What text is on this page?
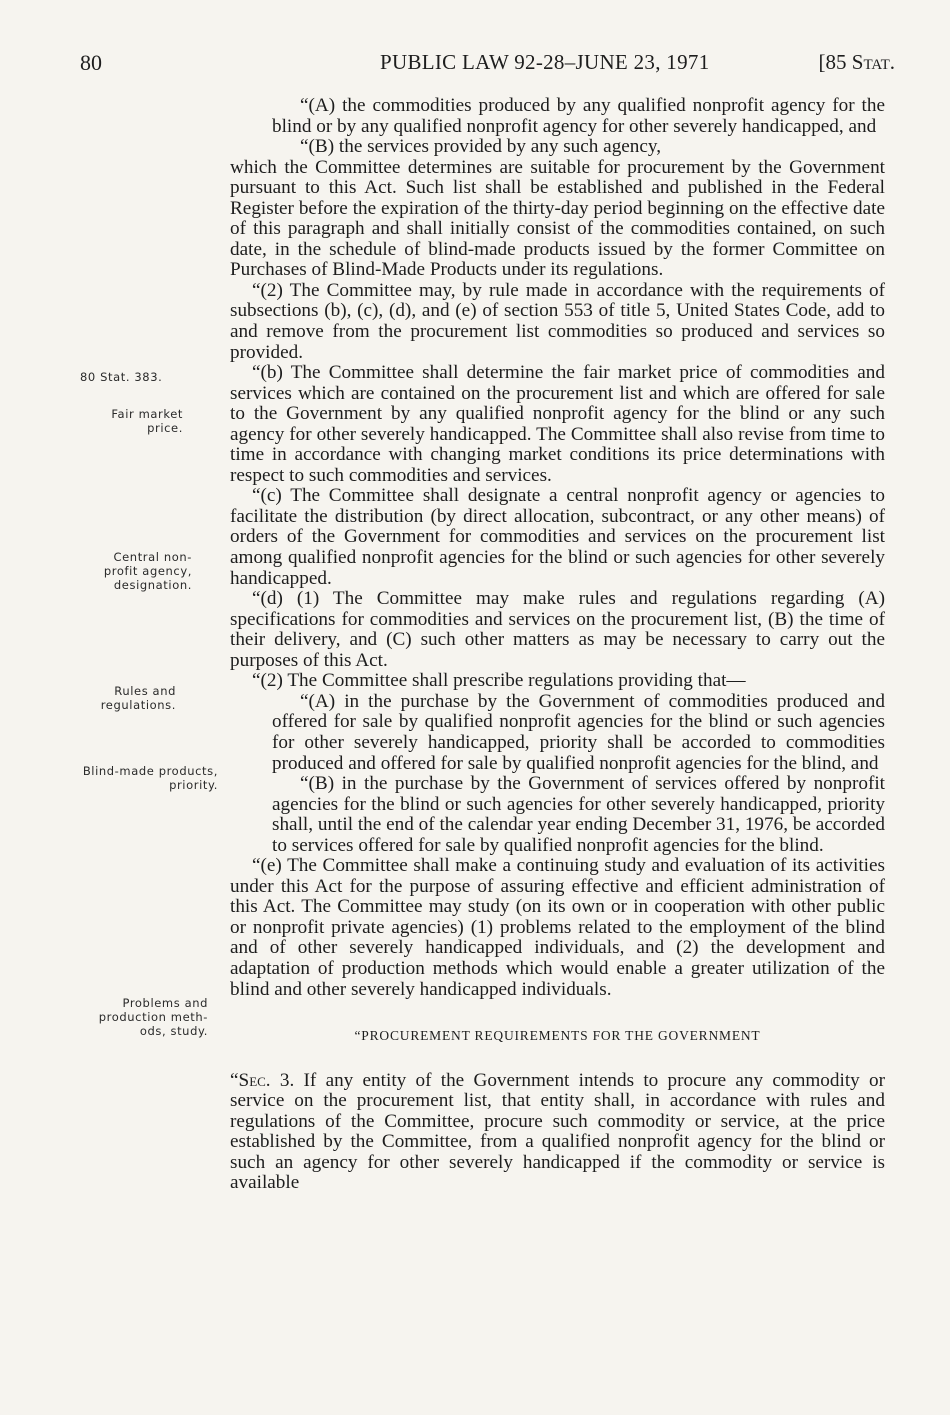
80	PUBLIC LAW 92-28–JUNE 23, 1971	[85 Stat.
80 Stat. 383.
Fair market price.
Central non-profit agency, designation.
Rules and regulations.
Blind-made products, priority.
Problems and production meth-ods, study.

“(A) the commodities produced by any qualified nonprofit agency for the blind or by any qualified nonprofit agency for other severely handicapped, and

“(B) the services provided by any such agency,

which the Committee determines are suitable for procurement by the Government pursuant to this Act. Such list shall be established and published in the Federal Register before the expiration of the thirty-day period beginning on the effective date of this paragraph and shall initially consist of the commodities contained, on such date, in the schedule of blind-made products issued by the former Committee on Purchases of Blind-Made Products under its regulations.

“(2) The Committee may, by rule made in accordance with the requirements of subsections (b), (c), (d), and (e) of section 553 of title 5, United States Code, add to and remove from the procurement list commodities so produced and services so provided.

“(b) The Committee shall determine the fair market price of commodities and services which are contained on the procurement list and which are offered for sale to the Government by any qualified nonprofit agency for the blind or any such agency for other severely handicapped. The Committee shall also revise from time to time in accordance with changing market conditions its price determinations with respect to such commodities and services.

“(c) The Committee shall designate a central nonprofit agency or agencies to facilitate the distribution (by direct allocation, subcontract, or any other means) of orders of the Government for commodities and services on the procurement list among qualified nonprofit agencies for the blind or such agencies for other severely handicapped.

“(d) (1) The Committee may make rules and regulations regarding (A) specifications for commodities and services on the procurement list, (B) the time of their delivery, and (C) such other matters as may be necessary to carry out the purposes of this Act.

“(2) The Committee shall prescribe regulations providing that—

“(A) in the purchase by the Government of commodities produced and offered for sale by qualified nonprofit agencies for the blind or such agencies for other severely handicapped, priority shall be accorded to commodities produced and offered for sale by qualified nonprofit agencies for the blind, and

“(B) in the purchase by the Government of services offered by nonprofit agencies for the blind or such agencies for other severely handicapped, priority shall, until the end of the calendar year ending December 31, 1976, be accorded to services offered for sale by qualified nonprofit agencies for the blind.

“(e) The Committee shall make a continuing study and evaluation of its activities under this Act for the purpose of assuring effective and efficient administration of this Act. The Committee may study (on its own or in cooperation with other public or nonprofit private agencies) (1) problems related to the employment of the blind and of other severely handicapped individuals, and (2) the development and adaptation of production methods which would enable a greater utilization of the blind and other severely handicapped individuals.

“PROCUREMENT REQUIREMENTS FOR THE GOVERNMENT

“Sec. 3. If any entity of the Government intends to procure any commodity or service on the procurement list, that entity shall, in accordance with rules and regulations of the Committee, procure such commodity or service, at the price established by the Committee, from a qualified nonprofit agency for the blind or such an agency for other severely handicapped if the commodity or service is available
